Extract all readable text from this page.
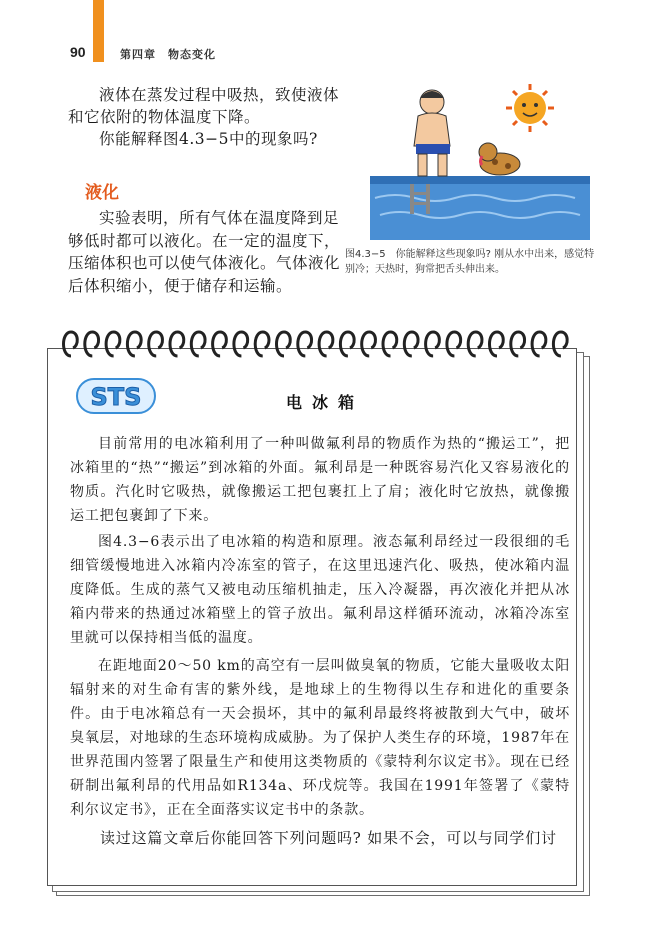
90	第四章　物态变化

液体在蒸发过程中吸热，致使液体和它依附的物体温度下降。

你能解释图4.3−5中的现象吗?

液化

实验表明，所有气体在温度降到足够低时都可以液化。在一定的温度下，压缩体积也可以使气体液化。气体液化后体积缩小，便于储存和运输。

图4.3−5　你能解释这些现象吗? 刚从水中出来，感觉特别冷；天热时，狗常把舌头伸出来。

STS	电冰箱

目前常用的电冰箱利用了一种叫做氟利昂的物质作为热的“搬运工”，把冰箱里的“热”“搬运”到冰箱的外面。氟利昂是一种既容易汽化又容易液化的物质。汽化时它吸热，就像搬运工把包裹扛上了肩；液化时它放热，就像搬运工把包裹卸了下来。

图4.3−6表示出了电冰箱的构造和原理。液态氟利昂经过一段很细的毛细管缓慢地进入冰箱内冷冻室的管子，在这里迅速汽化、吸热，使冰箱内温度降低。生成的蒸气又被电动压缩机抽走，压入冷凝器，再次液化并把从冰箱内带来的热通过冰箱壁上的管子放出。氟利昂这样循环流动，冰箱冷冻室里就可以保持相当低的温度。

在距地面20～50 km的高空有一层叫做臭氧的物质，它能大量吸收太阳辐射来的对生命有害的紫外线，是地球上的生物得以生存和进化的重要条件。由于电冰箱总有一天会损坏，其中的氟利昂最终将被散到大气中，破坏臭氧层，对地球的生态环境构成威胁。为了保护人类生存的环境，1987年在世界范围内签署了限量生产和使用这类物质的《蒙特利尔议定书》。现在已经研制出氟利昂的代用品如R134a、环戊烷等。我国在1991年签署了《蒙特利尔议定书》，正在全面落实议定书中的条款。

读过这篇文章后你能回答下列问题吗? 如果不会，可以与同学们讨
